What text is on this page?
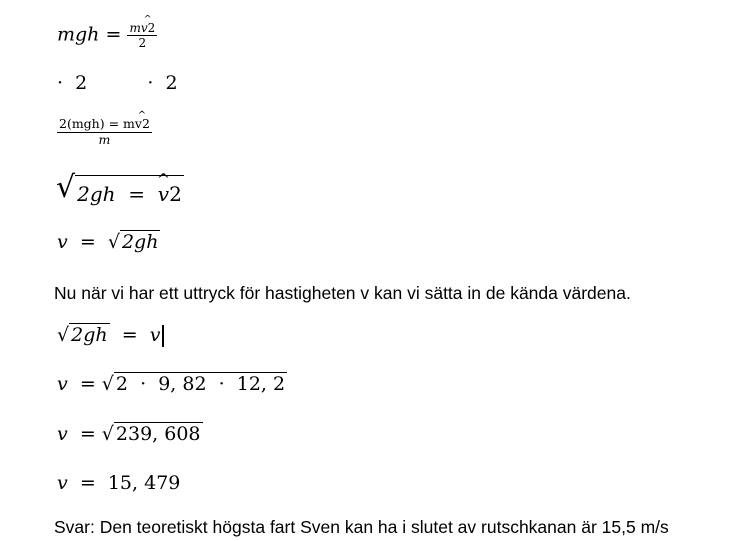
mgh = $\frac{mv2}{2}$
· 2	· 2
$\frac{\text{2(mgh) = mv2}}{m}$
√ 2gh =  ^ v2
v = √ 2gh
Nu när vi har ett uttryck för hastigheten v kan vi sätta in de kända värdena.
√ 2gh = v
v = √ 2  ·  9, 82  ·  12, 2
v = √ 239, 608
v = 15, 479
Svar: Den teoretiskt högsta fart Sven kan ha i slutet av rutschkanan är 15,5 m/s
